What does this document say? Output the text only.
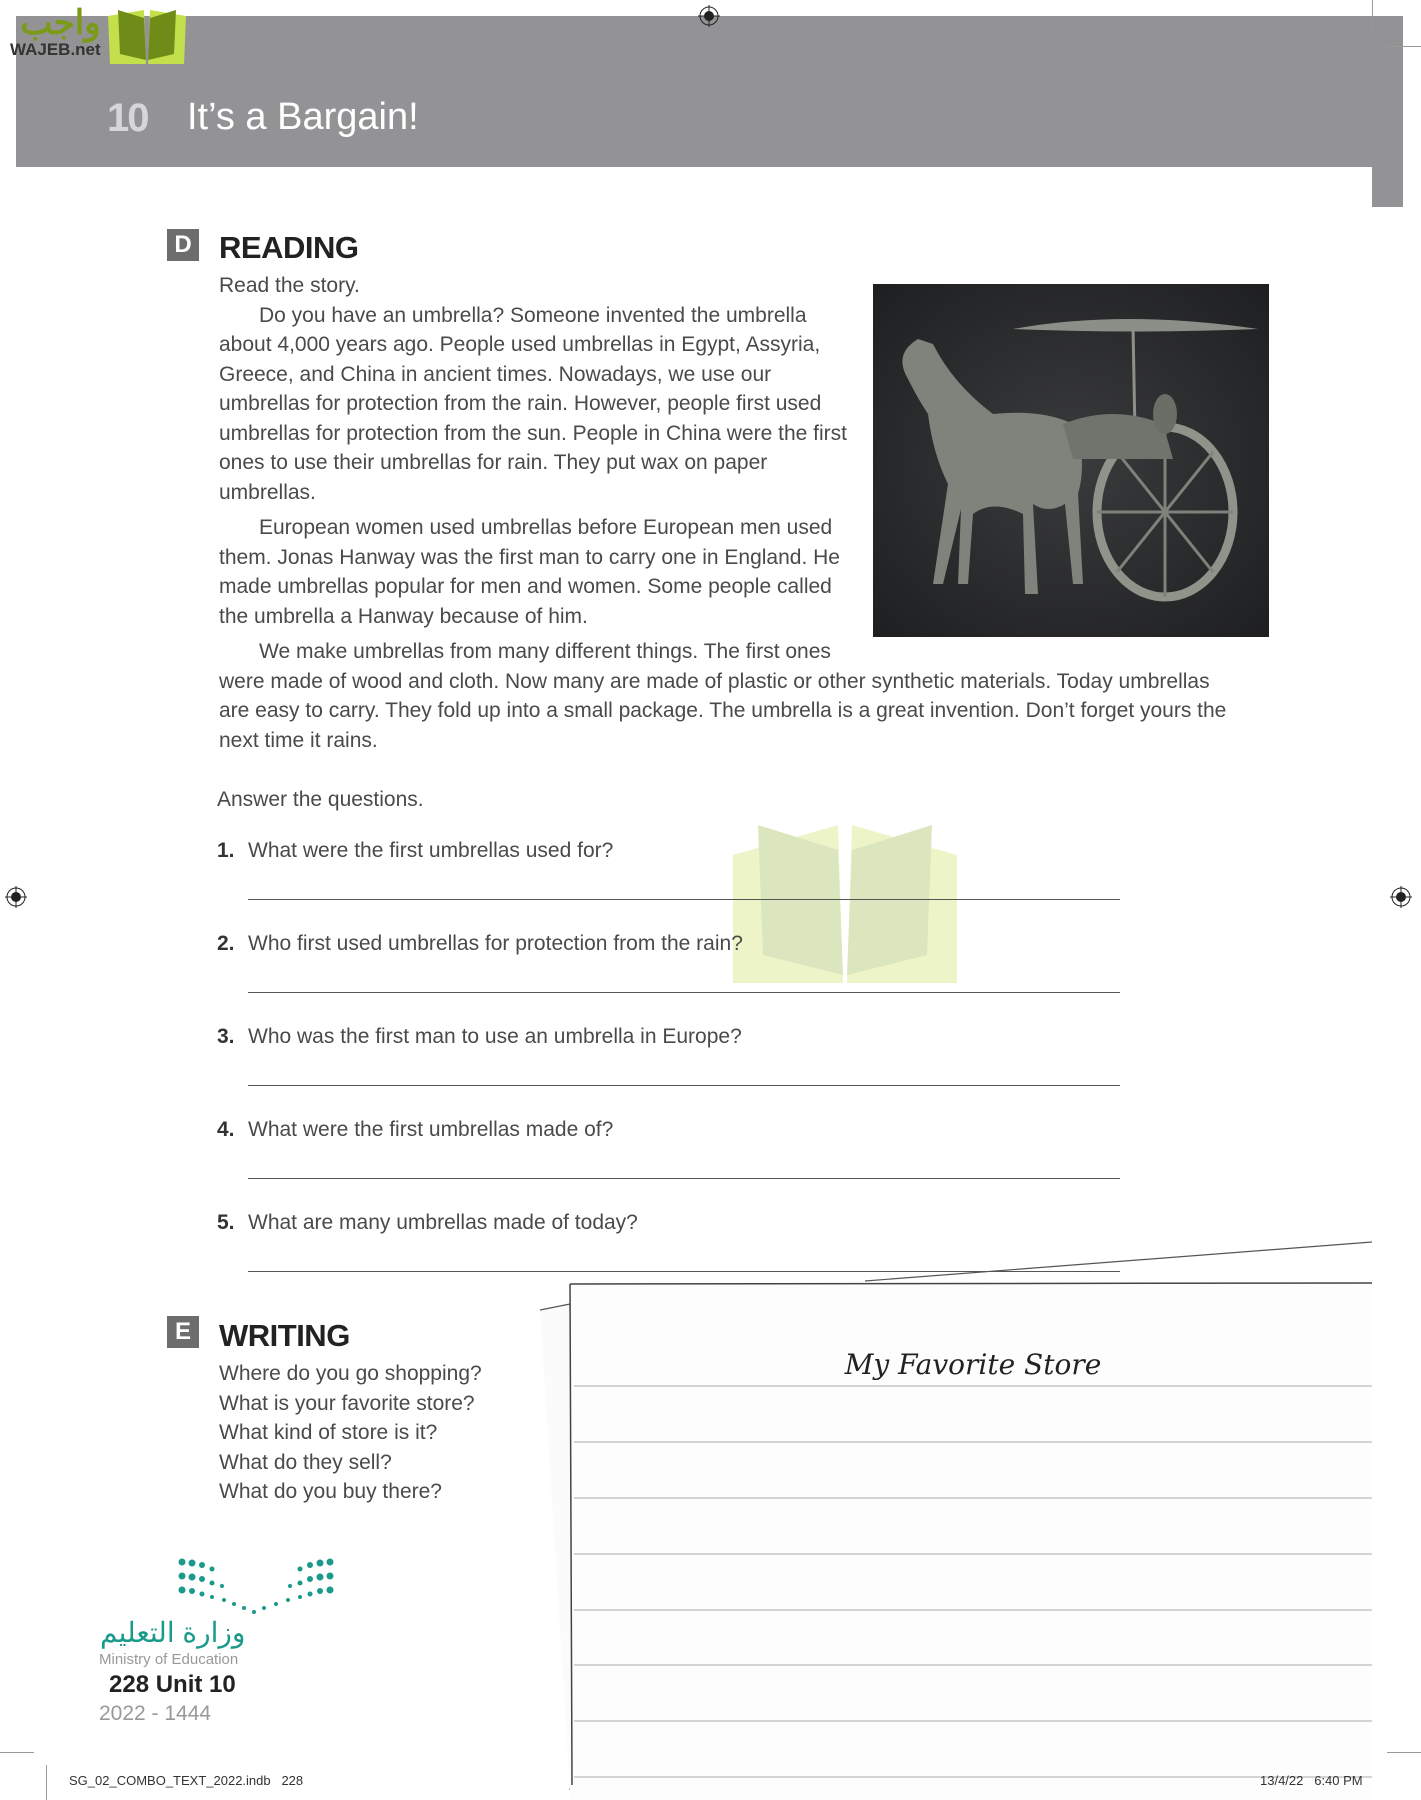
10 It’s a Bargain!
واجب
WAJEB.net
D READING
Read the story.

Do you have an umbrella? Someone invented the umbrella about 4,000 years ago. People used umbrellas in Egypt, Assyria, Greece, and China in ancient times. Nowadays, we use our umbrellas for protection from the rain. However, people first used umbrellas for protection from the sun. People in China were the first ones to use their umbrellas for rain. They put wax on paper umbrellas.

European women used umbrellas before European men used them. Jonas Hanway was the first man to carry one in England. He made umbrellas popular for men and women. Some people called the umbrella a Hanway because of him.

We make umbrellas from many different things. The first ones were made of wood and cloth. Now many are made of plastic or other synthetic materials. Today umbrellas are easy to carry. They fold up into a small package. The umbrella is a great invention. Don’t forget yours the next time it rains.

Answer the questions.
1. What were the first umbrellas used for?
2. Who first used umbrellas for protection from the rain?
3. Who was the first man to use an umbrella in Europe?
4. What were the first umbrellas made of?
5. What are many umbrellas made of today?
E WRITING
Where do you go shopping?
What is your favorite store?
What kind of store is it?
What do they sell?
What do you buy there?
My Favorite Store
وزارة التعليم
Ministry of Education
228 Unit 10
2022 - 1444
SG_02_COMBO_TEXT_2022.indb   228	13/4/22   6:40 PM
